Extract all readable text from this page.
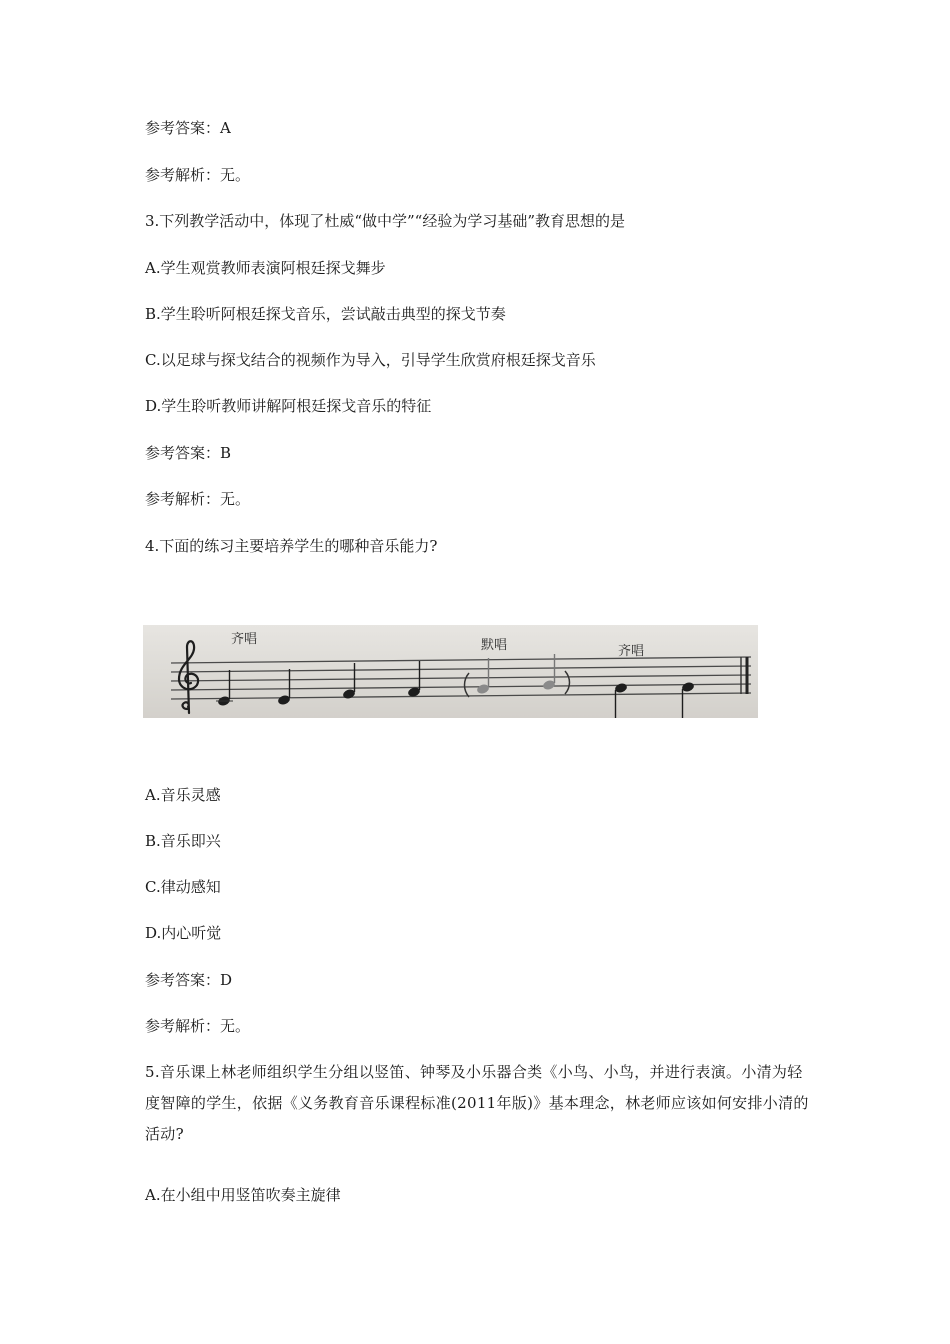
参考答案：A
参考解析：无。
3.下列教学活动中，体现了杜威“做中学”“经验为学习基础”教育思想的是
A.学生观赏教师表演阿根廷探戈舞步
B.学生聆听阿根廷探戈音乐，尝试敲击典型的探戈节奏
C.以足球与探戈结合的视频作为导入，引导学生欣赏府根廷探戈音乐
D.学生聆听教师讲解阿根廷探戈音乐的特征
参考答案：B
参考解析：无。
4.下面的练习主要培养学生的哪种音乐能力?
齐唱	默唱	齐唱
A.音乐灵感
B.音乐即兴
C.律动感知
D.内心听觉
参考答案：D
参考解析：无。
5.音乐课上林老师组织学生分组以竖笛、钟琴及小乐器合类《小鸟、小鸟，并进行表演。小清为轻度智障的学生，依据《义务教育音乐课程标准(2011年版)》基本理念，林老师应该如何安排小清的活动?
A.在小组中用竖笛吹奏主旋律
